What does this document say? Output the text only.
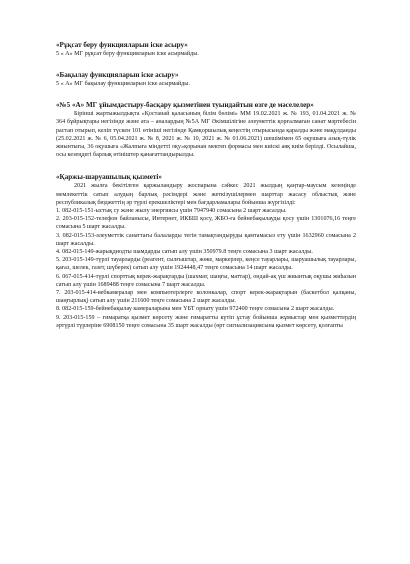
«Рұқсат беру функцияларын іске асыру»

5 « А» МГ рұқсат беру функцияларын іске асырмайды.

«Бақылау функцияларын іске асыру»

5 « А» МГ бақылау функцияларын іске асырмайды.

«№5 «А» МГ ұйымдастыру-басқару қызметінен туындайтын өзге де мәселелер»

Бірінші жартыжылдықта «Қостанай қаласының білім бөлімі» ММ 19.02.2021 ж. № 193, 01.04.2021 ж. № 364 бұйрықтары негізінде және ата – аналардың №5А МГ Әкімшілігіне әлеуметтік қорғалмаған санат мәртебесін растап отырып, келіп түскен 101 өтініші негізінде Қамқоршылық кеңестің отырысында қаралды және мақұлданды (25.02.2021 ж. № 6, 05.04.2021 ж. № 8, 2021 ж. № 10, 2021 ж. № 01.06.2021) шешімімен 65 оқушыға азық-түлік жиынтығы, 36 оқушыға «Жалпыға міндетті оқу»қорынан мектеп формасы мен киіскі аяқ киім берілді. Осылайша, осы кезеңдегі барлық өтініштер қанағаттандырылды.

«Қаржы-шаруашылық қызметі»

2021 жылға бекітілген қаржыландыру жоспарына сәйкес 2021 жылдың қаңтар-маусым кезеңінде мемлекеттік сатып алудың барлық рәсімдері және жеткізушілермен шарттар жасасу облыстық және республикалық бюджеттің әр түрлі ерекшеліктері мен бағдарламалары бойынша жүргізілді:

1. 082-015-151-ыстық су және жылу энергиясы үшін 7947940 сомасына 2 шарт жасалды.

2. 203-015-152-телефон байланысы, Интернет, ИКБШ қосу, ЖБО-ға бейнебақылауды қосу үшін 1301076,16 теңге сомасына 5 шарт жасалды.

3. 082-015-153-әлеуметтік санаттағы балаларды тегін тамақтандыруды қамтамасыз ету үшін 1632960 сомасына 2 шарт жасалды.

4. 082-015-149-жарықдиодты шамдарды сатып алу үшін 350979.8 теңге сомасына 3 шарт жасалды.

5. 203-015-149-түрлі тауарларды (реагент, сылғыштар, жөке, маркерлер, кеңсе тауарлары, шаруашылық тауарлары, қағаз, шелек, газет, шүберек) сатып алу үшін 1924448,47 теңге сомасына 14 шарт жасалды.

6. 067-015-414-түрлі спорттық керек-жарақтарды (шахмат, шаңғы, маттар), ондай-ақ үш жиынтық оқушы жиһазын сатып алу үшін 1689488 теңге сомасына 7 шарт жасалды.

7. 203-015-414-вебкамералар мен компьютерлерге колонкалар, спорт керек-жарақтарын (баскетбол қалқаны, шаңғырлық) сатып алу үшін 211600 теңге сомасына 2 шарт жасалды.

8. 082-015-159-бейнебақылау камераларына мен ҮБТ орнату үшін 972400 теңге сомасына 2 шарт жасалды.

9. 203-015-159 – ғимаратқа қызмет көрсету және ғимаратты күтіп ұстау бойынша жұмыстар мен қызметтердің әртүрлі түрлеріне 6908150 теңге сомасына 35 шарт жасалды (өрт сигнализациясына қызмет көрсету, қолғапты
